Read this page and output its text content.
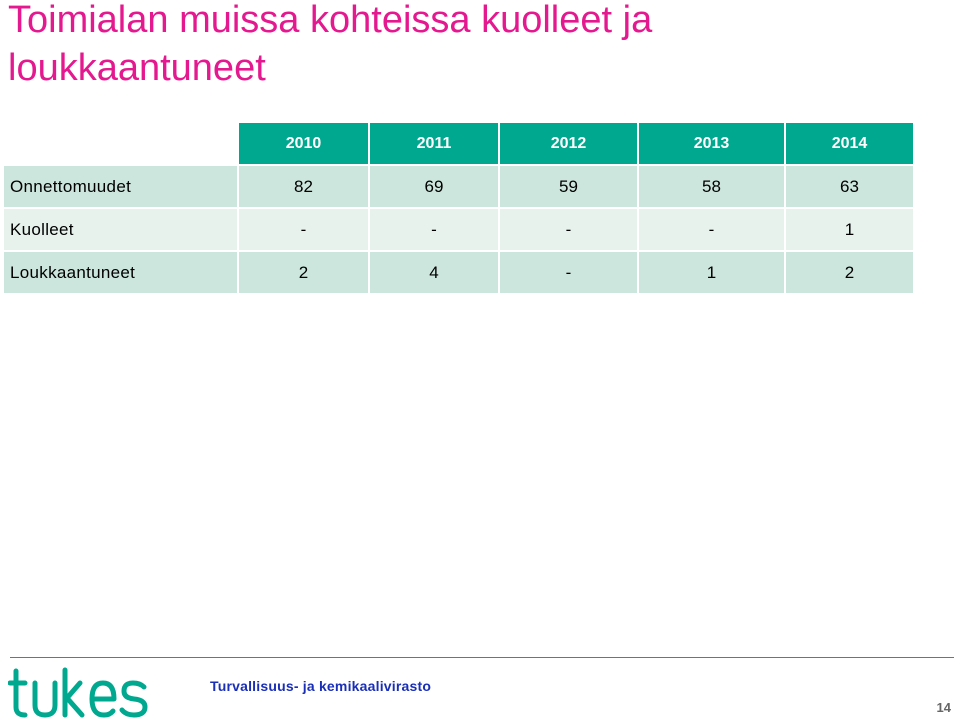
Toimialan muissa kohteissa kuolleet ja loukkaantuneet
	2010	2011	2012	2013	2014
Onnettomuudet	82	69	59	58	63
Kuolleet	-	-	-	-	1
Loukkaantuneet	2	4	-	1	2
tukes
Turvallisuus- ja kemikaalivirasto
14
